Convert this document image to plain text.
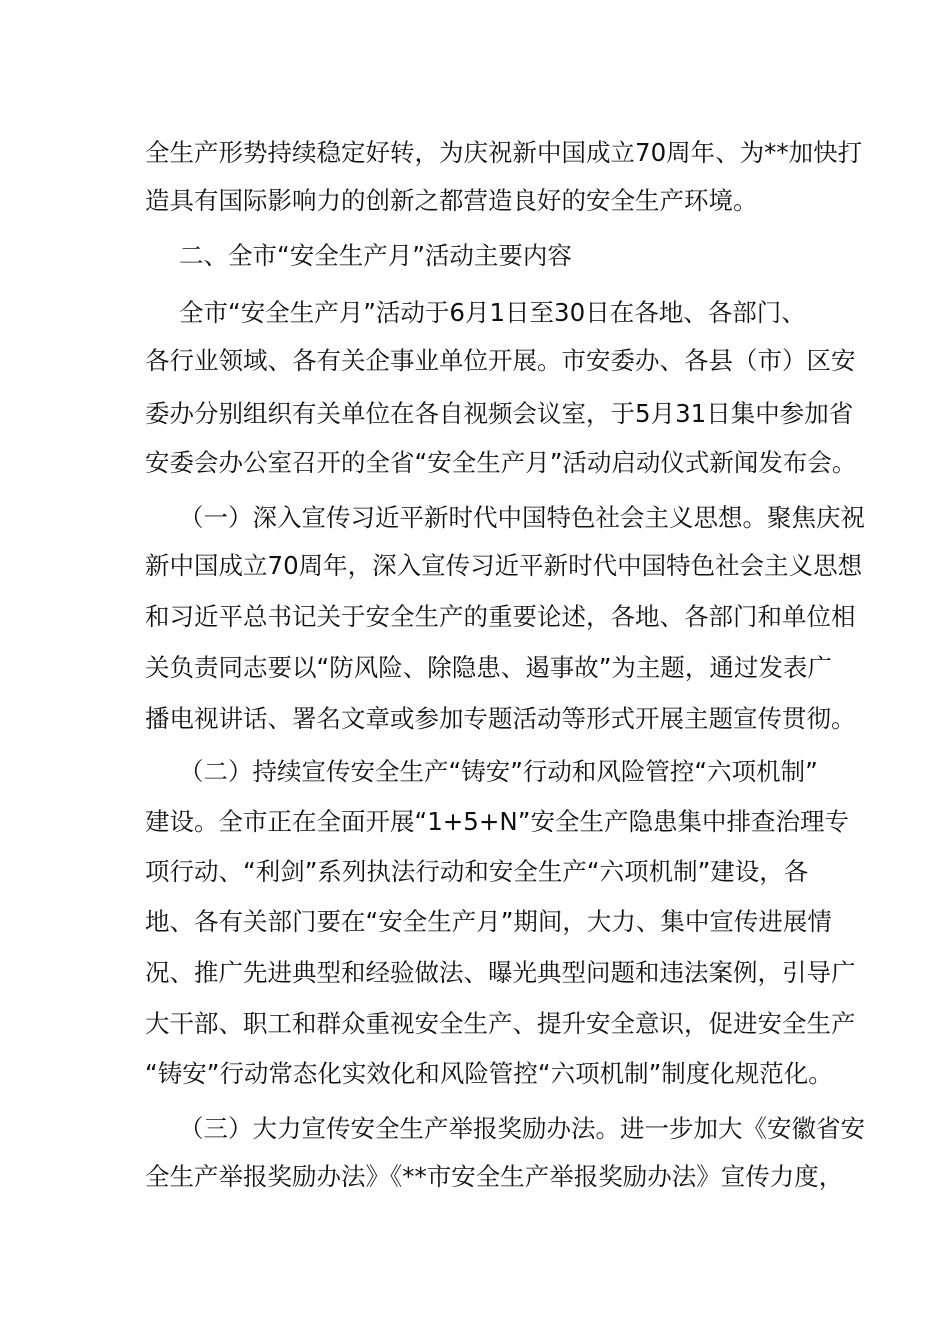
全生产形势持续稳定好转，为庆祝新中国成立70周年、为**加快打
造具有国际影响力的创新之都营造良好的安全生产环境。
二、全市“安全生产月”活动主要内容
全市“安全生产月”活动于6月1日至30日在各地、各部门、
各行业领域、各有关企事业单位开展。市安委办、各县（市）区安
委办分别组织有关单位在各自视频会议室，于5月31日集中参加省
安委会办公室召开的全省“安全生产月”活动启动仪式新闻发布会。
（一）深入宣传习近平新时代中国特色社会主义思想。聚焦庆祝
新中国成立70周年，深入宣传习近平新时代中国特色社会主义思想
和习近平总书记关于安全生产的重要论述，各地、各部门和单位相
关负责同志要以“防风险、除隐患、遏事故”为主题，通过发表广
播电视讲话、署名文章或参加专题活动等形式开展主题宣传贯彻。
（二）持续宣传安全生产“铸安”行动和风险管控“六项机制”
建设。全市正在全面开展“1+5+N”安全生产隐患集中排查治理专
项行动、“利剑”系列执法行动和安全生产“六项机制”建设，各
地、各有关部门要在“安全生产月”期间，大力、集中宣传进展情
况、推广先进典型和经验做法、曝光典型问题和违法案例，引导广
大干部、职工和群众重视安全生产、提升安全意识，促进安全生产
“铸安”行动常态化实效化和风险管控“六项机制”制度化规范化。
（三）大力宣传安全生产举报奖励办法。进一步加大《安徽省安
全生产举报奖励办法》《**市安全生产举报奖励办法》宣传力度，
